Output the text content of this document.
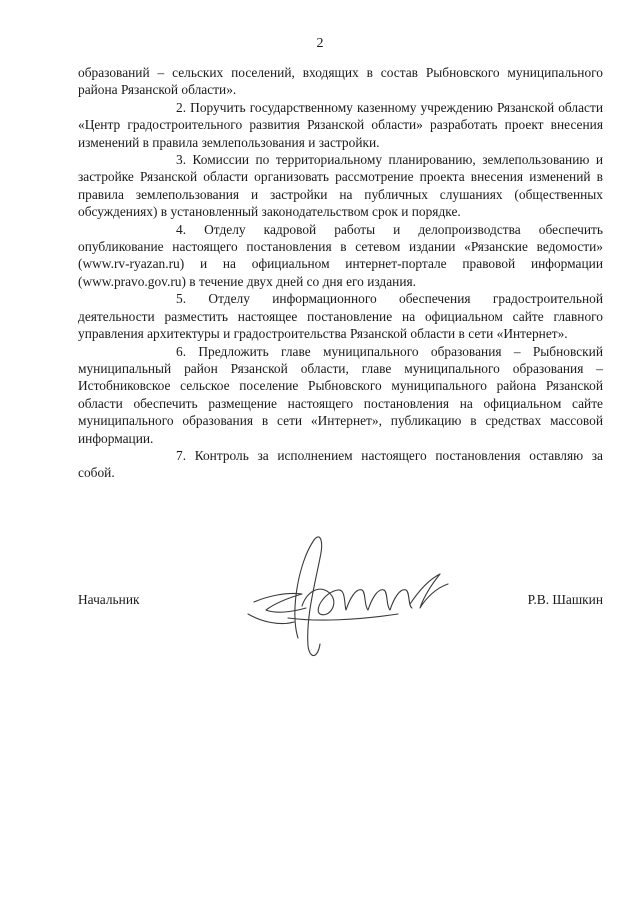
2

образований – сельских поселений, входящих в состав Рыбновского муниципального района Рязанской области».

2. Поручить государственному казенному учреждению Рязанской области «Центр градостроительного развития Рязанской области» разработать проект внесения изменений в правила землепользования и застройки.

3. Комиссии по территориальному планированию, землепользованию и застройке Рязанской области организовать рассмотрение проекта внесения изменений в правила землепользования и застройки на публичных слушаниях (общественных обсуждениях) в установленный законодательством срок и порядке.

4. Отделу кадровой работы и делопроизводства обеспечить опубликование настоящего постановления в сетевом издании «Рязанские ведомости» (www.rv-ryazan.ru) и на официальном интернет-портале правовой информации (www.pravo.gov.ru) в течение двух дней со дня его издания.

5. Отделу информационного обеспечения градостроительной деятельности разместить настоящее постановление на официальном сайте главного управления архитектуры и градостроительства Рязанской области в сети «Интернет».

6. Предложить главе муниципального образования – Рыбновский муниципальный район Рязанской области, главе муниципального образования – Истобниковское сельское поселение Рыбновского муниципального района Рязанской области обеспечить размещение настоящего постановления на официальном сайте муниципального образования в сети «Интернет», публикацию в средствах массовой информации.

7. Контроль за исполнением настоящего постановления оставляю за собой.

Начальник	Р.В. Шашкин
